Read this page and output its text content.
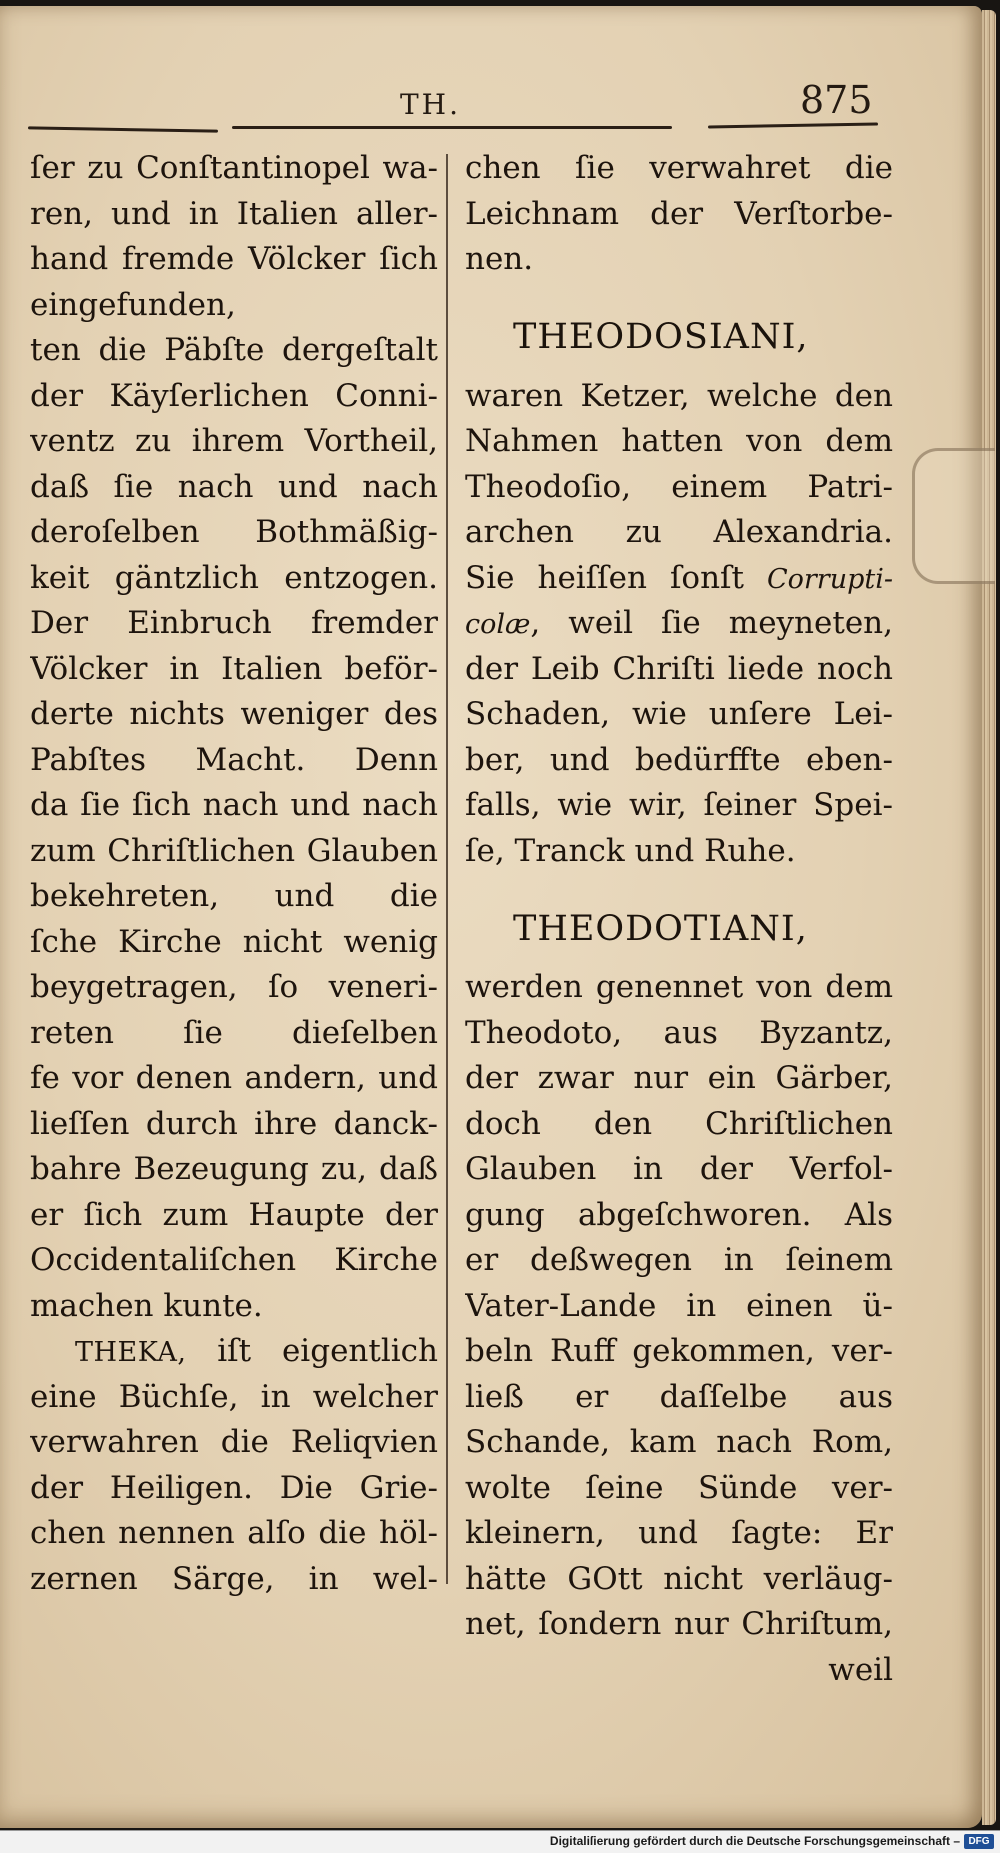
TH.	875
ſer zu Conſtantinopel wa-
ren, und in Italien aller-
hand fremde Völcker ſich
eingefunden,
ten die Päbſte dergeſtalt
der Käyſerlichen Conni-
ventz zu ihrem Vortheil,
daß ſie nach und nach
deroſelben Bothmäßig-
keit gäntzlich entzogen.
Der Einbruch fremder
Völcker in Italien beför-
derte nichts weniger des
Pabſtes Macht. Denn
da ſie ſich nach und nach
zum Chriſtlichen Glauben
bekehreten, und die
ſche Kirche nicht wenig
beygetragen, ſo veneri-
reten ſie dieſelben
fe vor denen andern, und
lieſſen durch ihre danck-
bahre Bezeugung zu, daß
er ſich zum Haupte der
Occidentaliſchen Kirche
machen kunte.
THEKA, iſt eigentlich
eine Büchſe, in welcher
verwahren die Reliqvien
der Heiligen. Die Grie-
chen nennen alſo die höl-
zernen Särge, in wel-
chen ſie verwahret die
Leichnam der Verſtorbe-
nen.
THEODOSIANI,
waren Ketzer, welche den
Nahmen hatten von dem
Theodoſio, einem Patri-
archen zu Alexandria.
Sie heiſſen ſonſt Corrupti-
colæ, weil ſie meyneten,
der Leib Chriſti liede noch
Schaden, wie unſere Lei-
ber, und bedürffte eben-
falls, wie wir, ſeiner Spei-
ſe, Tranck und Ruhe.
THEODOTIANI,
werden genennet von dem
Theodoto, aus Byzantz,
der zwar nur ein Gärber,
doch den Chriſtlichen
Glauben in der Verfol-
gung abgeſchworen. Als
er deßwegen in ſeinem
Vater-Lande in einen ü-
beln Ruff gekommen, ver-
ließ er daſſelbe aus
Schande, kam nach Rom,
wolte ſeine Sünde ver-
kleinern, und ſagte: Er
hätte GOtt nicht verläug-
net, ſondern nur Chriſtum,
weil
Digitaliſierung gefördert durch die Deutsche Forschungsgemeinschaft – DFG
